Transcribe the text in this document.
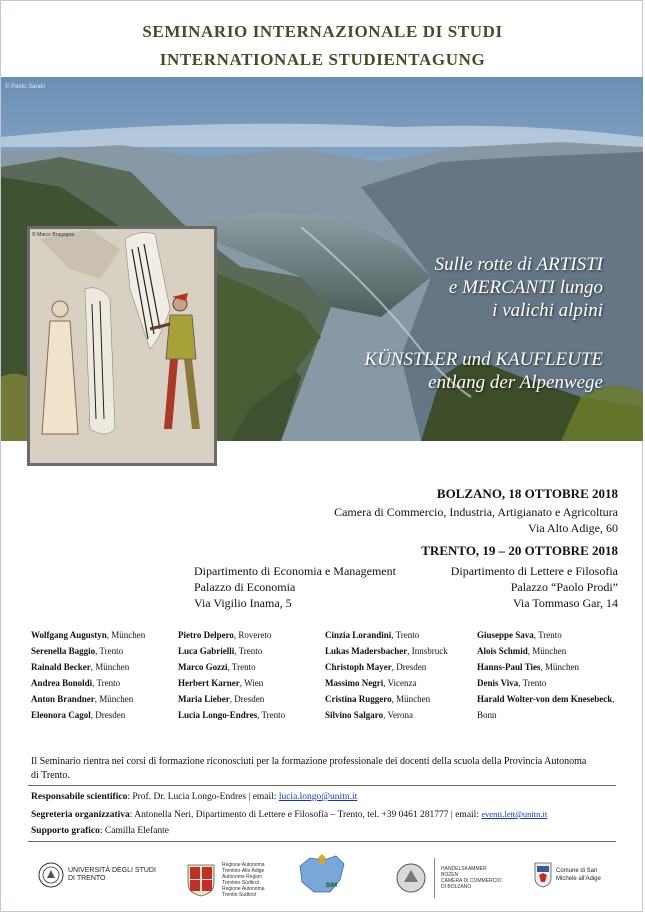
SEMINARIO INTERNAZIONALE DI STUDI
INTERNATIONALE STUDIENTAGUNG
© Paolo Sandri
© Marco Bragagna
Sulle rotte di ARTISTI
e MERCANTI lungo
i valichi alpini
KÜNSTLER und KAUFLEUTE
entlang der Alpenwege
BOLZANO, 18 OTTOBRE 2018
Camera di Commercio, Industria, Artigianato e Agricoltura
Via Alto Adige, 60
TRENTO, 19 – 20 OTTOBRE 2018
Dipartimento di Economia e Management
Palazzo di Economia
Via Vigilio Inama, 5
Dipartimento di Lettere e Filosofia
Palazzo “Paolo Prodi”
Via Tommaso Gar, 14
Wolfgang Augustyn, München
Serenella Baggio, Trento
Rainald Becker, München
Andrea Bonoldi, Trento
Anton Brandner, München
Eleonora Cagol, Dresden
Pietro Delpero, Rovereto
Luca Gabrielli, Trento
Marco Gozzi, Trento
Herbert Karner, Wien
Maria Lieber, Dresden
Lucia Longo-Endres, Trento
Cinzia Lorandini, Trento
Lukas Madersbacher, Innsbruck
Christoph Mayer, Dresden
Massimo Negri, Vicenza
Cristina Ruggero, München
Silvino Salgaro, Verona
Giuseppe Sava, Trento
Alois Schmid, München
Hanns-Paul Ties, München
Denis Viva, Trento
Harald Wolter-von dem Knesebeck,
Bonn
Il Seminario rientra nei corsi di formazione riconosciuti per la formazione professionale dei docenti della scuola della Provincia Autonoma di Trento.
Responsabile scientifico: Prof. Dr. Lucia Longo-Endres | email: lucia.longo@unitn.it
Segreteria organizzativa: Antonella Neri, Dipartimento di Lettere e Filosofia – Trento, tel. +39 0461 281777 | email: eventi.lett@unitn.it
Supporto grafico: Camilla Elefante
UNIVERSITÀ DEGLI STUDI
DI TRENTO
Regione Autonoma
Trentino-Alto Adige
Autonome Region
Trentino-Südtirol
Regione Autonoma
Trentin-Sudtirol
BIM
HANDELSKAMMER
BOZEN
CAMERA DI COMMERCIO
DI BOLZANO
Comune di San
Michele all'Adige
